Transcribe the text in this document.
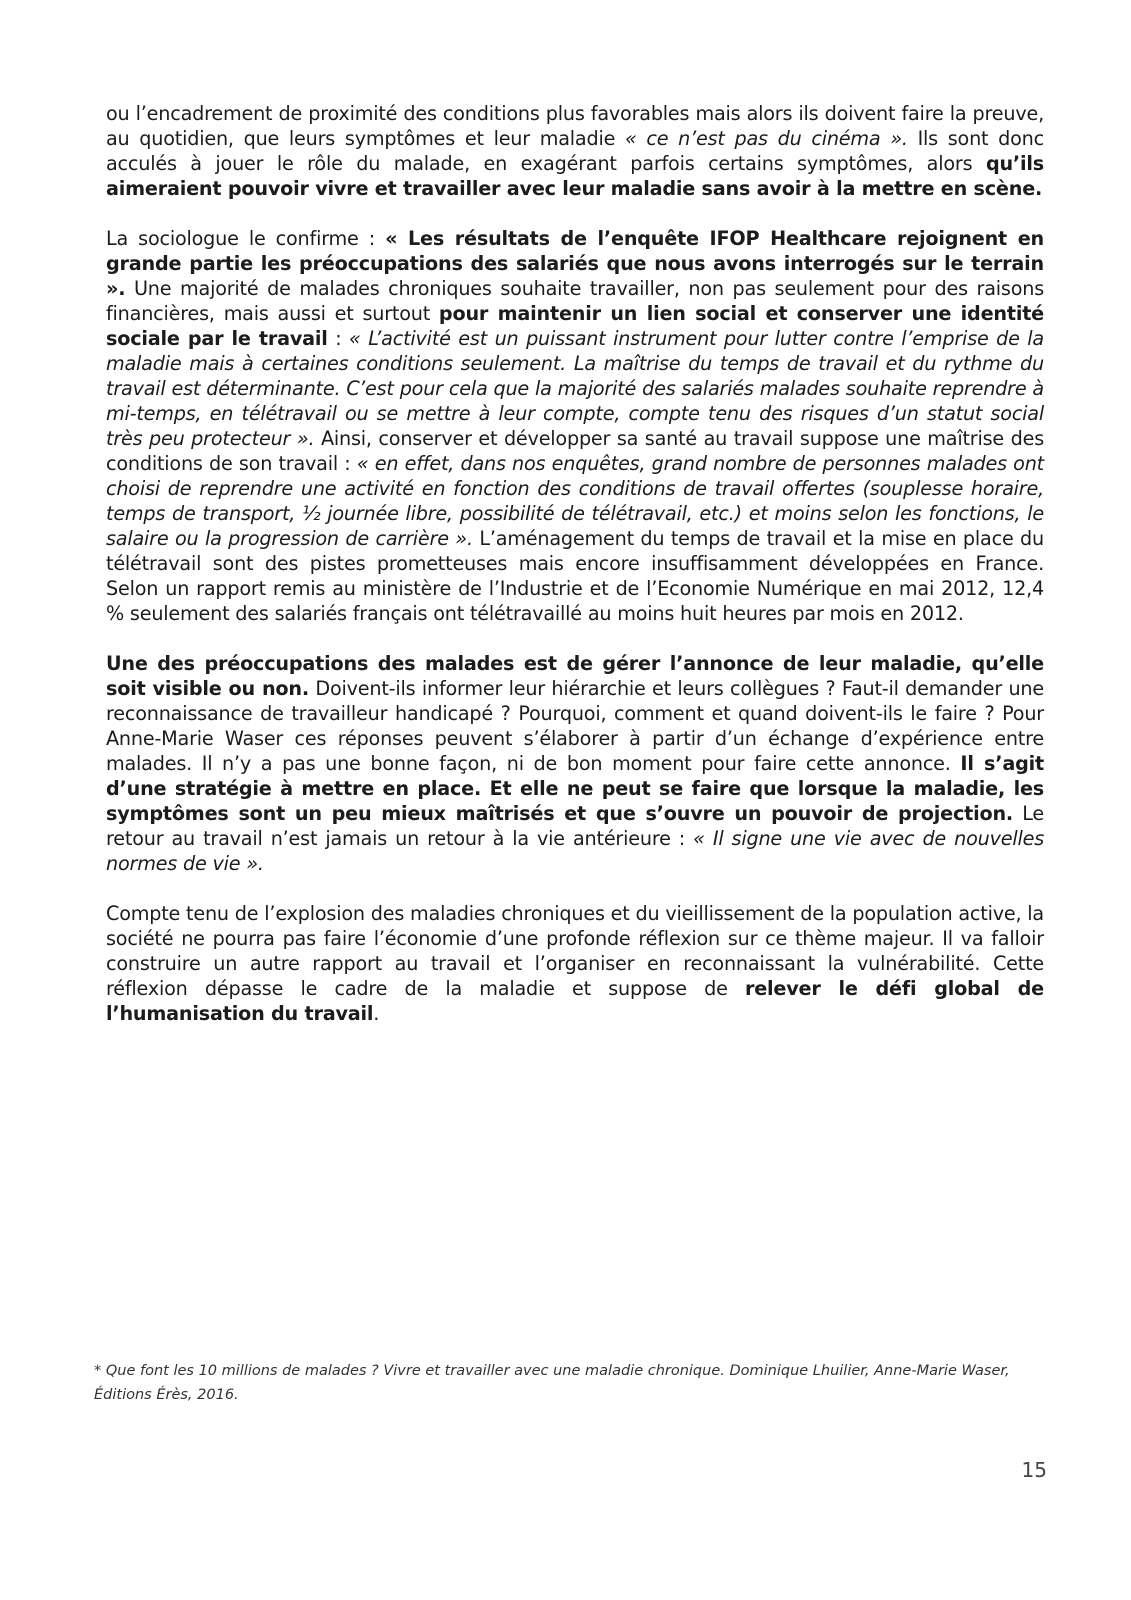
ou l’encadrement de proximité des conditions plus favorables mais alors ils doivent faire la preuve, au quotidien, que leurs symptômes et leur maladie « ce n’est pas du cinéma ». Ils sont donc acculés à jouer le rôle du malade, en exagérant parfois certains symptômes, alors qu’ils aimeraient pouvoir vivre et travailler avec leur maladie sans avoir à la mettre en scène.

La sociologue le confirme : « Les résultats de l’enquête IFOP Healthcare rejoignent en grande partie les préoccupations des salariés que nous avons interrogés sur le terrain ». Une majorité de malades chroniques souhaite travailler, non pas seulement pour des raisons financières, mais aussi et surtout pour maintenir un lien social et conserver une identité sociale par le travail : « L’activité est un puissant instrument pour lutter contre l’emprise de la maladie mais à certaines conditions seulement. La maîtrise du temps de travail et du rythme du travail est déterminante. C’est pour cela que la majorité des salariés malades souhaite reprendre à mi-temps, en télétravail ou se mettre à leur compte, compte tenu des risques d’un statut social très peu protecteur ». Ainsi, conserver et développer sa santé au travail suppose une maîtrise des conditions de son travail : « en effet, dans nos enquêtes, grand nombre de personnes malades ont choisi de reprendre une activité en fonction des conditions de travail offertes (souplesse horaire, temps de transport, ½ journée libre, possibilité de télétravail, etc.) et moins selon les fonctions, le salaire ou la progression de carrière ». L’aménagement du temps de travail et la mise en place du télétravail sont des pistes prometteuses mais encore insuffisamment développées en France. Selon un rapport remis au ministère de l’Industrie et de l’Economie Numérique en mai 2012, 12,4 % seulement des salariés français ont télétravaillé au moins huit heures par mois en 2012.

Une des préoccupations des malades est de gérer l’annonce de leur maladie, qu’elle soit visible ou non. Doivent-ils informer leur hiérarchie et leurs collègues ? Faut-il demander une reconnaissance de travailleur handicapé ? Pourquoi, comment et quand doivent-ils le faire ? Pour Anne-Marie Waser ces réponses peuvent s’élaborer à partir d’un échange d’expérience entre malades. Il n’y a pas une bonne façon, ni de bon moment pour faire cette annonce. Il s’agit d’une stratégie à mettre en place. Et elle ne peut se faire que lorsque la maladie, les symptômes sont un peu mieux maîtrisés et que s’ouvre un pouvoir de projection. Le retour au travail n’est jamais un retour à la vie antérieure : « Il signe une vie avec de nouvelles normes de vie ».

Compte tenu de l’explosion des maladies chroniques et du vieillissement de la population active, la société ne pourra pas faire l’économie d’une profonde réflexion sur ce thème majeur. Il va falloir construire un autre rapport au travail et l’organiser en reconnaissant la vulnérabilité. Cette réflexion dépasse le cadre de la maladie et suppose de relever le défi global de l’humanisation du travail.

* Que font les 10 millions de malades ? Vivre et travailler avec une maladie chronique. Dominique Lhuilier, Anne-Marie Waser, Éditions Érès, 2016.
15
